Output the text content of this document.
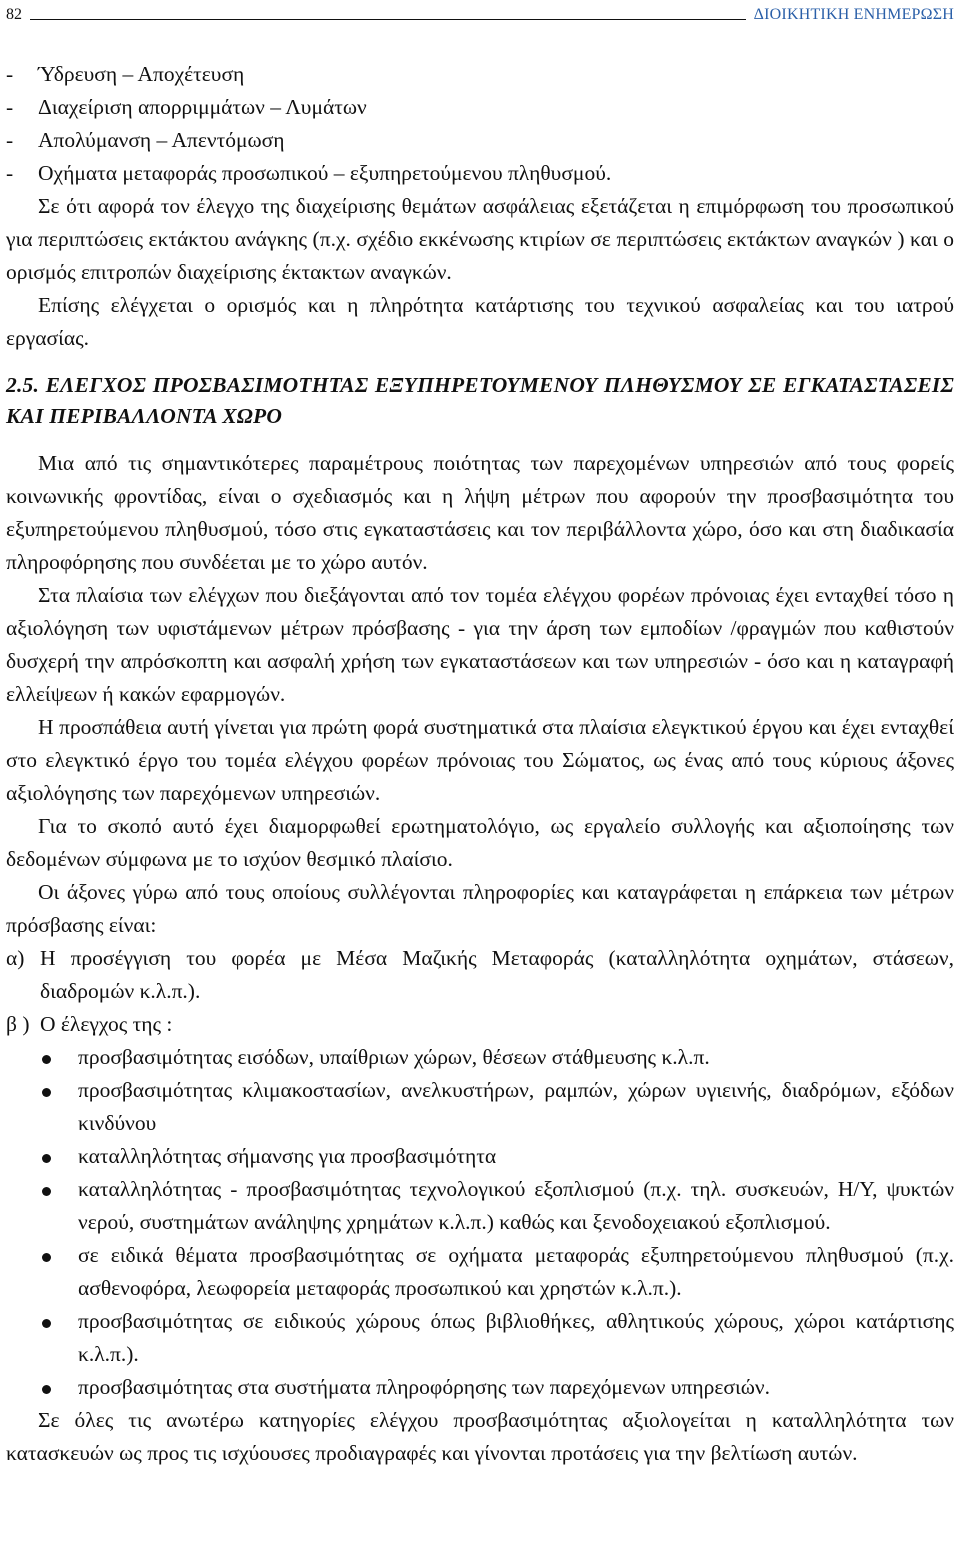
82	ΔΙΟΙΚΗΤΙΚΗ ΕΝΗΜΕΡΩΣΗ
-	Ύδρευση – Αποχέτευση
-	Διαχείριση απορριμμάτων – Λυμάτων
-	Απολύμανση – Απεντόμωση
-	Οχήματα μεταφοράς προσωπικού – εξυπηρετούμενου πληθυσμού.

Σε ότι αφορά τον έλεγχο της διαχείρισης θεμάτων ασφάλειας εξετάζεται η επιμόρφωση του προσωπικού για περιπτώσεις εκτάκτου ανάγκης (π.χ. σχέδιο εκκένωσης κτιρίων σε περιπτώσεις εκτάκτων αναγκών ) και ο ορισμός επιτροπών διαχείρισης έκτακτων αναγκών.

Επίσης ελέγχεται ο ορισμός και η πληρότητα κατάρτισης του τεχνικού ασφαλείας και του ιατρού εργασίας.

2.5. ΕΛΕΓΧΟΣ ΠΡΟΣΒΑΣΙΜΟΤΗΤΑΣ ΕΞΥΠΗΡΕΤΟΥΜΕΝΟΥ ΠΛΗΘΥΣΜΟΥ ΣΕ ΕΓΚΑΤΑΣΤΑΣΕΙΣ ΚΑΙ ΠΕΡΙΒΑΛΛΟΝΤΑ ΧΩΡΟ

Μια από τις σημαντικότερες παραμέτρους ποιότητας των παρεχομένων υπηρεσιών από τους φορείς κοινωνικής φροντίδας, είναι ο σχεδιασμός και η λήψη μέτρων που αφορούν την προσβασιμότητα του εξυπηρετούμενου πληθυσμού, τόσο στις εγκαταστάσεις και τον περιβάλλοντα χώρο, όσο και στη διαδικασία πληροφόρησης που συνδέεται με το χώρο αυτόν.

Στα πλαίσια των ελέγχων που διεξάγονται από τον τομέα ελέγχου φορέων πρόνοιας έχει ενταχθεί τόσο η αξιολόγηση των υφιστάμενων μέτρων πρόσβασης - για την άρση των εμποδίων /φραγμών που καθιστούν δυσχερή την απρόσκοπτη και ασφαλή χρήση των εγκαταστάσεων και των υπηρεσιών - όσο και η καταγραφή ελλείψεων ή κακών εφαρμογών.

Η προσπάθεια αυτή γίνεται για πρώτη φορά συστηματικά στα πλαίσια ελεγκτικού έργου και έχει ενταχθεί στο ελεγκτικό έργο του τομέα ελέγχου φορέων πρόνοιας του Σώματος, ως ένας από τους κύριους άξονες αξιολόγησης των παρεχόμενων υπηρεσιών.

Για το σκοπό αυτό έχει διαμορφωθεί ερωτηματολόγιο, ως εργαλείο συλλογής και αξιοποίησης των δεδομένων σύμφωνα με το ισχύον θεσμικό πλαίσιο.

Οι άξονες γύρω από τους οποίους συλλέγονται πληροφορίες και καταγράφεται η επάρκεια των μέτρων πρόσβασης είναι:

α) Η προσέγγιση του φορέα με Μέσα Μαζικής Μεταφοράς (καταλληλότητα οχημάτων, στάσεων, διαδρομών κ.λ.π.).
β ) Ο έλεγχος της :
προσβασιμότητας εισόδων, υπαίθριων χώρων, θέσεων στάθμευσης κ.λ.π.
προσβασιμότητας κλιμακοστασίων, ανελκυστήρων, ραμπών, χώρων υγιεινής, διαδρόμων, εξόδων κινδύνου
καταλληλότητας σήμανσης για προσβασιμότητα
καταλληλότητας - προσβασιμότητας τεχνολογικού εξοπλισμού (π.χ. τηλ. συσκευών, Η/Υ, ψυκτών νερού, συστημάτων ανάληψης χρημάτων κ.λ.π.) καθώς και ξενοδοχειακού εξοπλισμού.
σε ειδικά θέματα προσβασιμότητας σε οχήματα μεταφοράς εξυπηρετούμενου πληθυσμού (π.χ. ασθενοφόρα, λεωφορεία μεταφοράς προσωπικού και χρηστών κ.λ.π.).
προσβασιμότητας σε ειδικούς χώρους όπως βιβλιοθήκες, αθλητικούς χώρους, χώροι κατάρτισης κ.λ.π.).
προσβασιμότητας στα συστήματα πληροφόρησης των παρεχόμενων υπηρεσιών.

Σε όλες τις ανωτέρω κατηγορίες ελέγχου προσβασιμότητας αξιολογείται η καταλληλότητα των κατασκευών ως προς τις ισχύουσες προδιαγραφές και γίνονται προτάσεις για την βελτίωση αυτών.
